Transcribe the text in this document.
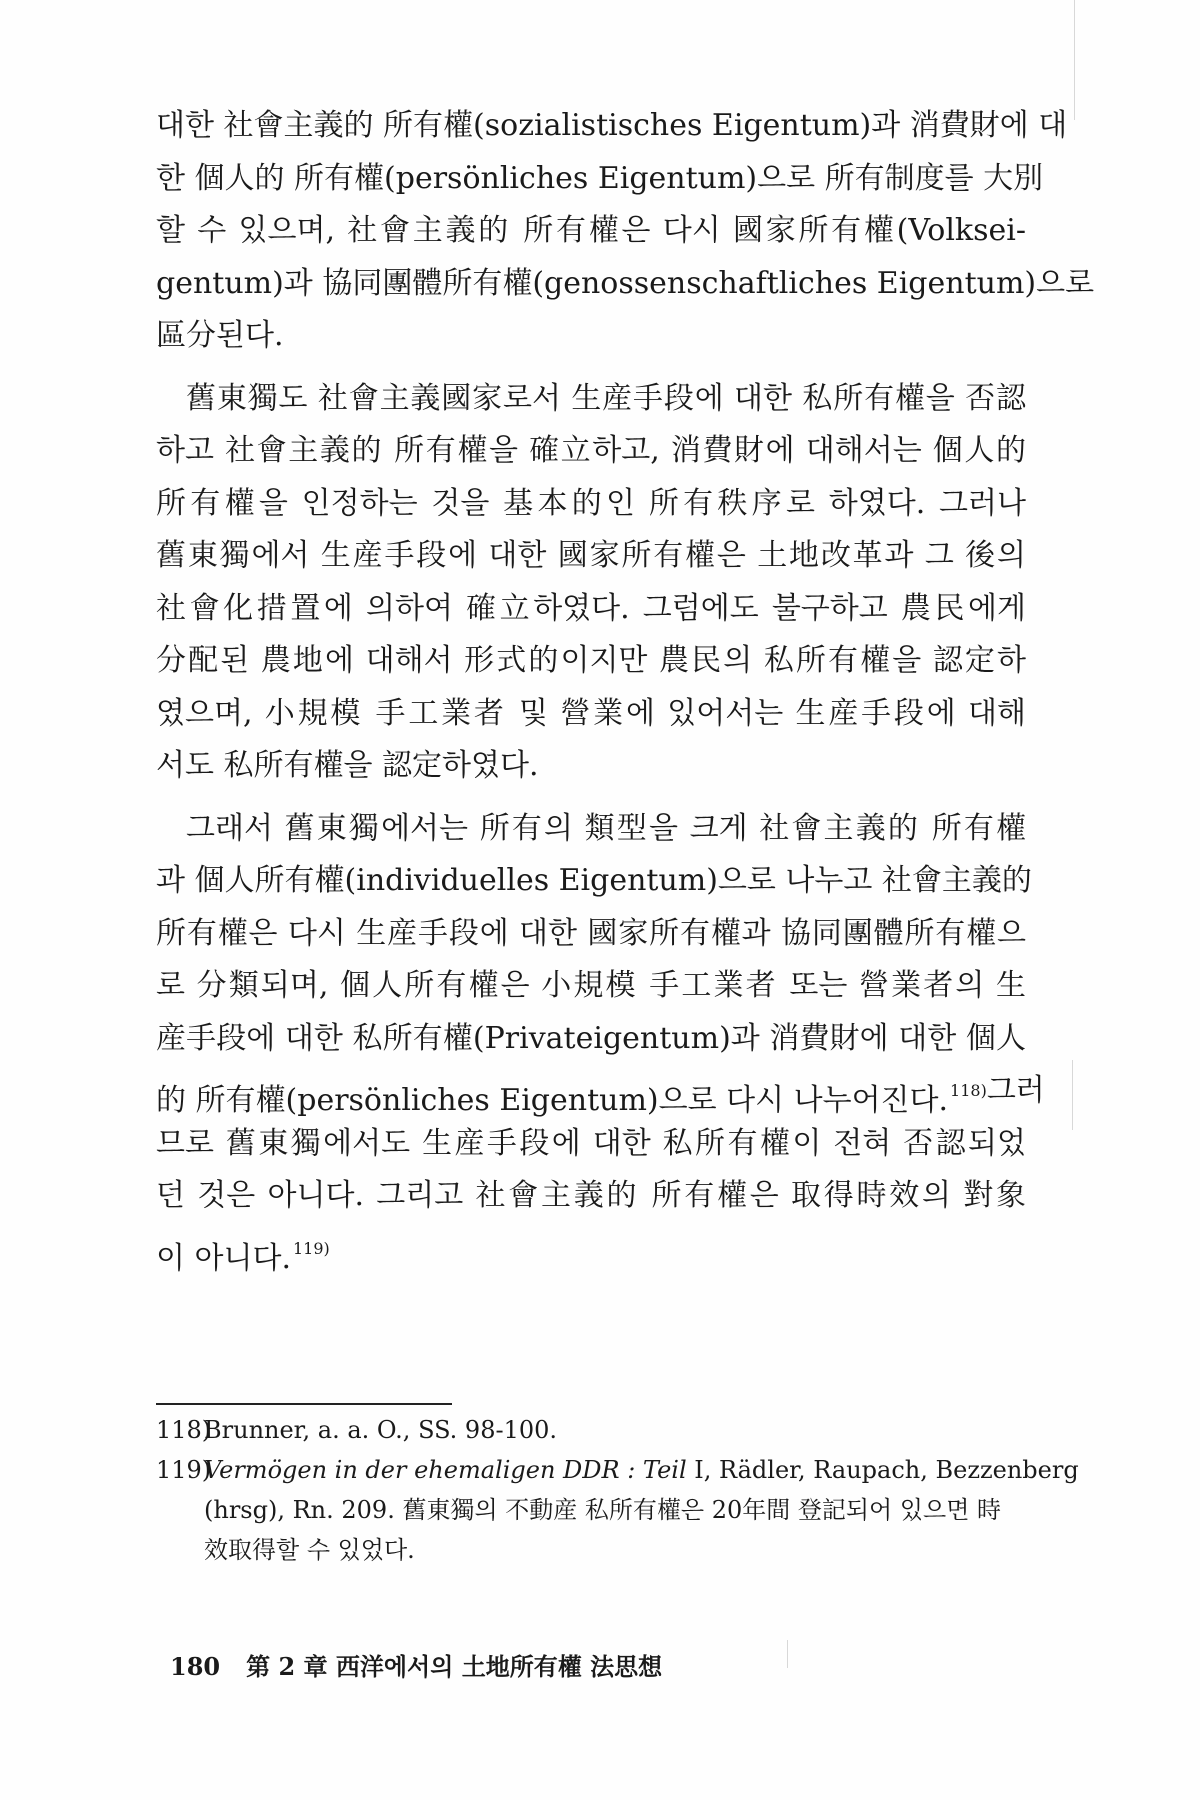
대한 社會主義的 所有權(sozialistisches Eigentum)과 消費財에 대
한 個人的 所有權(persönliches Eigentum)으로 所有制度를 大別
할 수 있으며, 社會主義的 所有權은 다시 國家所有權(Volksei-
gentum)과 協同團體所有權(genossenschaftliches Eigentum)으로
區分된다.
舊東獨도 社會主義國家로서 生産手段에 대한 私所有權을 否認
하고 社會主義的 所有權을 確立하고, 消費財에 대해서는 個人的
所有權을 인정하는 것을 基本的인 所有秩序로 하였다. 그러나
舊東獨에서 生産手段에 대한 國家所有權은 土地改革과 그 後의
社會化措置에 의하여 確立하였다. 그럼에도 불구하고 農民에게
分配된 農地에 대해서 形式的이지만 農民의 私所有權을 認定하
였으며, 小規模 手工業者 및 營業에 있어서는 生産手段에 대해
서도 私所有權을 認定하였다.
그래서 舊東獨에서는 所有의 類型을 크게 社會主義的 所有權
과 個人所有權(individuelles Eigentum)으로 나누고 社會主義的
所有權은 다시 生産手段에 대한 國家所有權과 協同團體所有權으
로 分類되며, 個人所有權은 小規模 手工業者 또는 營業者의 生
産手段에 대한 私所有權(Privateigentum)과 消費財에 대한 個人
的 所有權(persönliches Eigentum)으로 다시 나누어진다. $^{118)}$ 그러
므로 舊東獨에서도 生産手段에 대한 私所有權이 전혀 否認되었
던 것은 아니다. 그리고 社會主義的 所有權은 取得時效의 對象
이 아니다. $^{119)}$
118)
Brunner, a. a. O., SS. 98-100.
119)
Vermögen in der ehemaligen DDR : Teil Ⅰ, Rädler, Raupach, Bezzenberg
(hrsg), Rn. 209. 舊東獨의 不動産 私所有權은 20年間 登記되어 있으면 時
效取得할 수 있었다.
180 第 2 章 西洋에서의 土地所有權 法思想
